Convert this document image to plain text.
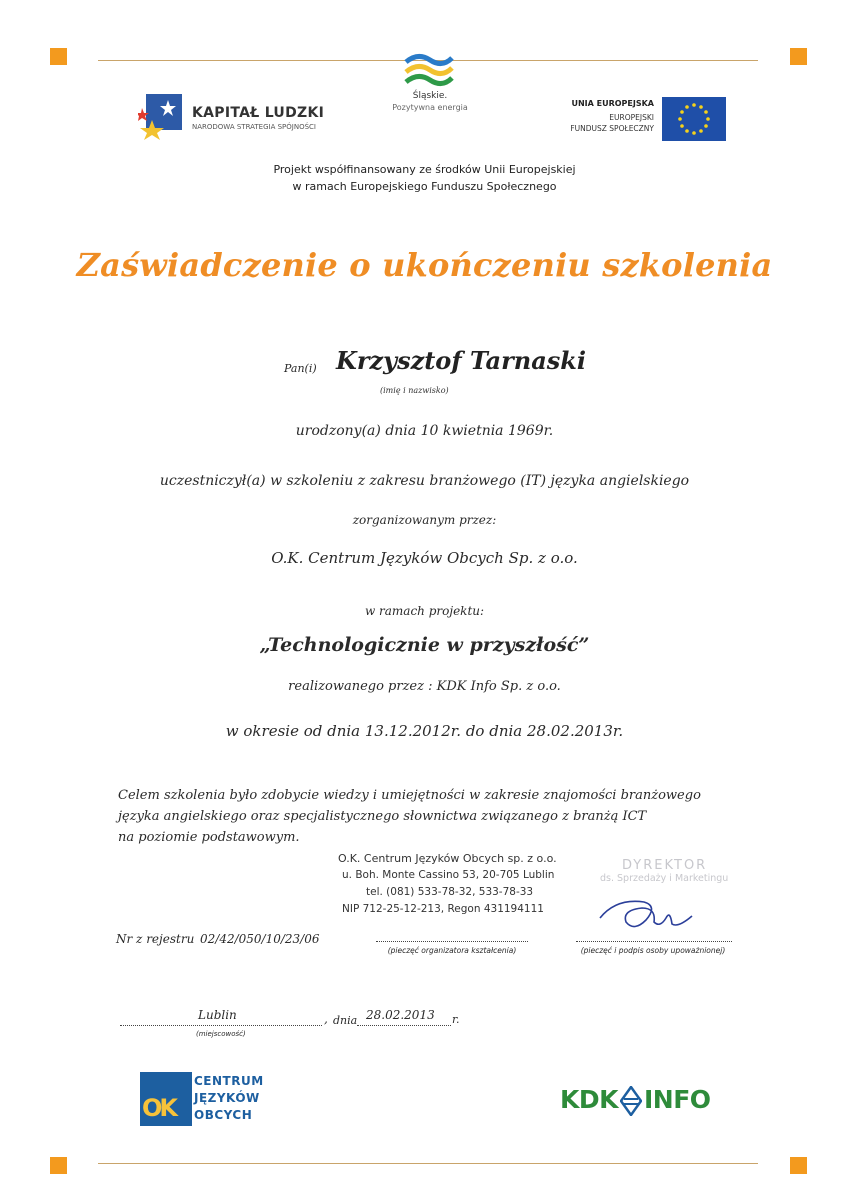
KAPITAŁ LUDZKI
NARODOWA STRATEGIA SPÓJNOŚCI
Śląskie.
Pozytywna energia	UNIA EUROPEJSKA
EUROPEJSKI
FUNDUSZ SPOŁECZNY
Projekt współfinansowany ze środków Unii Europejskiej
w ramach Europejskiego Funduszu Społecznego
Zaświadczenie o ukończeniu szkolenia
Pan(i) Krzysztof Tarnaski
(imię i nazwisko)
urodzony(a) dnia 10 kwietnia 1969r.
uczestniczył(a) w szkoleniu z zakresu branżowego (IT) języka angielskiego
zorganizowanym przez:
O.K. Centrum Języków Obcych Sp. z o.o.
w ramach projektu:
„Technologicznie w przyszłość”
realizowanego przez : KDK Info Sp. z o.o.
w okresie od dnia 13.12.2012r. do dnia 28.02.2013r.
Celem szkolenia było zdobycie wiedzy i umiejętności w zakresie znajomości branżowego
języka angielskiego oraz specjalistycznego słownictwa związanego z branżą ICT
na poziomie podstawowym.
O.K. Centrum Języków Obcych sp. z o.o.
u. Boh. Monte Cassino 53, 20-705 Lublin
tel. (081) 533-78-32, 533-78-33
NIP 712-25-12-213, Regon 431194111
DYREKTOR
ds. Sprzedaży i Marketingu
Nr z rejestru 02/42/050/10/23/06
(pieczęć organizatora kształcenia)	(pieczęć i podpis osoby upoważnionej)
Lublin	,
(miejscowość)
dnia 28.02.2013 r.
OK
CENTRUM
JĘZYKÓW
OBCYCH
KDK INFO
